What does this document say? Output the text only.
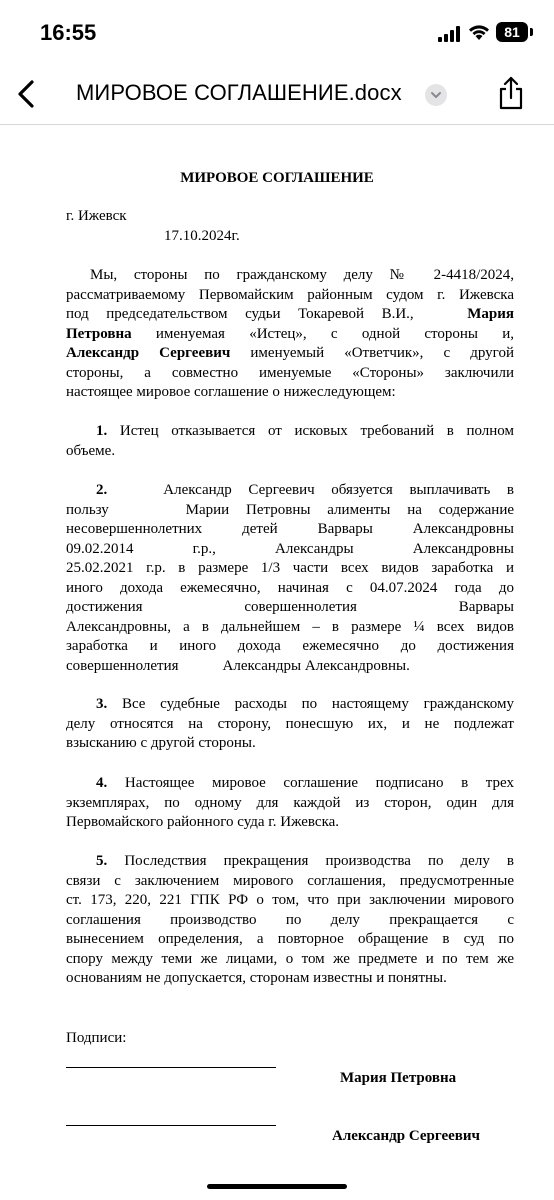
16:55	81
МИРОВОЕ СОГЛАШЕНИЕ.docx
МИРОВОЕ СОГЛАШЕНИЕ
г. Ижевск
17.10.2024г.
Мы, стороны по гражданскому делу № 2-4418/2024,
рассматриваемому Первомайским районным судом г. Ижевска
под председательством судьи Токаревой В.И.,	Мария
Петровна именуемая «Истец», с одной стороны и,
Александр Сергеевич именуемый «Ответчик», с другой
стороны, а совместно именуемые «Стороны» заключили
настоящее мировое соглашение о нижеследующем:
1. Истец отказывается от исковых требований в полном
объеме.
2.	Александр Сергеевич обязуется выплачивать в
пользу	Марии Петровны алименты на содержание
несовершеннолетних детей	Варвары Александровны
09.02.2014	г.р.,	Александры Александровны
25.02.2021 г.р. в размере 1/3 части всех видов заработка и
иного дохода ежемесячно, начиная с 04.07.2024 года до
достижения	совершеннолетия	Варвары
Александровны, а в дальнейшем – в размере ¼ всех видов
заработка и иного дохода ежемесячно до достижения
совершеннолетия	Александры Александровны.
3. Все судебные расходы по настоящему гражданскому
делу относятся на сторону, понесшую их, и не подлежат
взысканию с другой стороны.
4. Настоящее мировое соглашение подписано в трех
экземплярах, по одному для каждой из сторон, один для
Первомайского районного суда г. Ижевска.
5. Последствия прекращения производства по делу в
связи с заключением мирового соглашения, предусмотренные
ст. 173, 220, 221 ГПК РФ о том, что при заключении мирового
соглашения производство по делу прекращается с
вынесением определения, а повторное обращение в суд по
спору между теми же лицами, о том же предмете и по тем же
основаниям не допускается, сторонам известны и понятны.
Подписи:
Мария Петровна
Александр Сергеевич
